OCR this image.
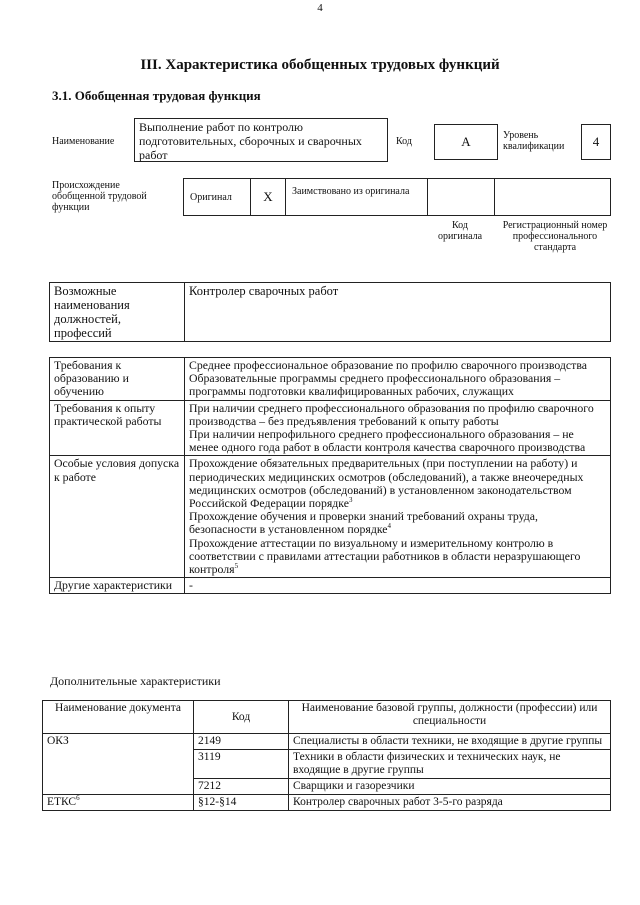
4
III. Характеристика обобщенных трудовых функций
3.1. Обобщенная трудовая функция
Наименование
Выполнение работ по контролю подготовительных, сборочных и сварочных работ
Код	A	Уровень квалификации	4
Происхождение обобщенной трудовой функции
Оригинал	X	Заимствовано из оригинала
Код оригинала
Регистрационный номер профессионального стандарта
Возможные наименования должностей, профессий	Контролер сварочных работ
Требования к образованию и обучению	Среднее профессиональное образование по профилю сварочного производства

Образовательные программы среднего профессионального образования – программы подготовки квалифицированных рабочих, служащих

Требования к опыту практической работы	При наличии среднего профессионального образования по профилю сварочного производства – без предъявления требований к опыту работы

При наличии непрофильного среднего профессионального образования – не менее одного года работ в области контроля качества сварочного производства

Особые условия допуска к работе	Прохождение обязательных предварительных (при поступлении на работу) и периодических медицинских осмотров (обследований), а также внеочередных медицинских осмотров (обследований) в установленном законодательством Российской Федерации порядке$^3$

Прохождение обучения и проверки знаний требований охраны труда, безопасности в установленном порядке$^4$

Прохождение аттестации по визуальному и измерительному контролю в соответствии с правилами аттестации работников в области неразрушающего контроля$^5$

Другие характеристики	-
Дополнительные характеристики
Наименование документа	Код	Наименование базовой группы, должности (профессии) или специальности
ОКЗ	2149	Специалисты в области техники, не входящие в другие группы
	3119	Техники в области физических и технических наук, не входящие в другие группы
	7212	Сварщики и газорезчики
ЕТКС$^6$	§12-§14	Контролер сварочных работ 3-5-го разряда
